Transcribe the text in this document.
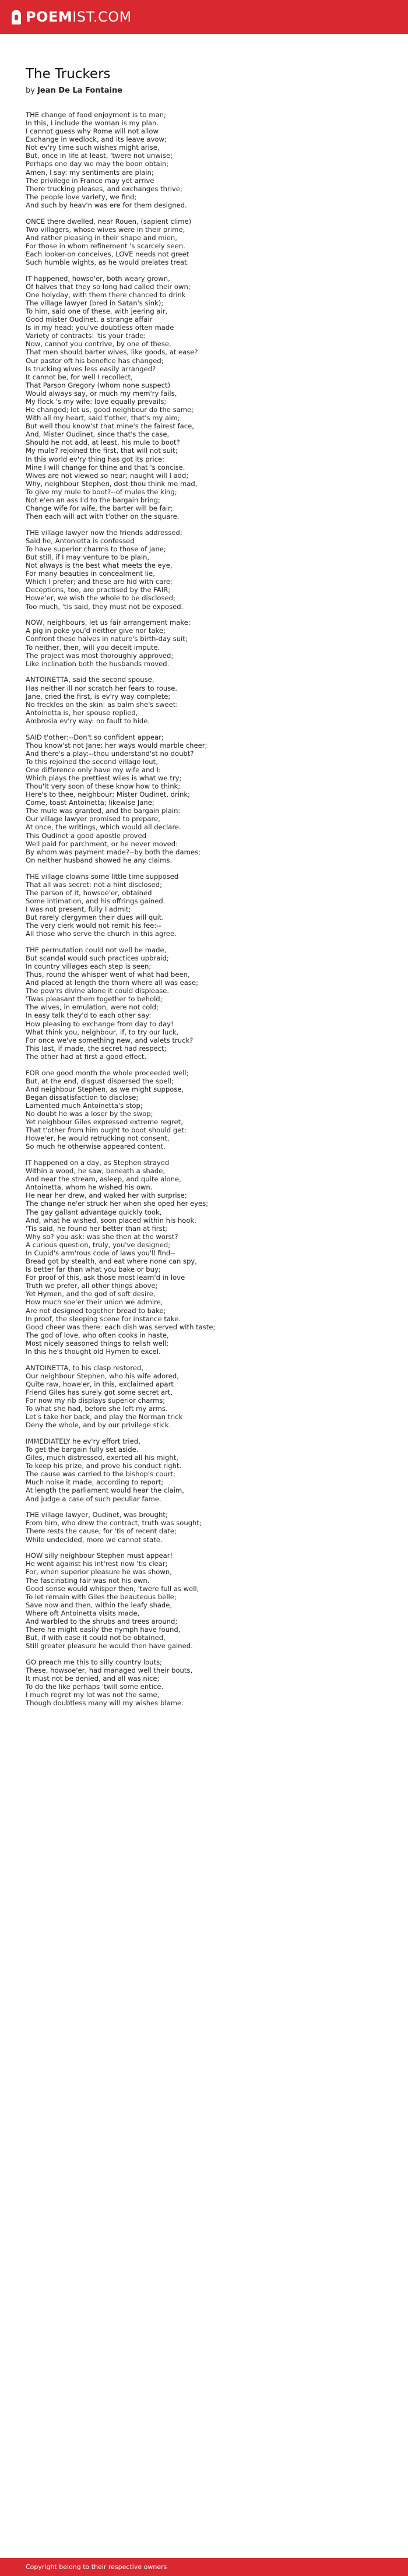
POEMIST.COM
The Truckers
by Jean De La Fontaine
THE change of food enjoyment is to man;
In this, I include the woman is my plan.
I cannot guess why Rome will not allow
Exchange in wedlock, and its leave avow;
Not ev'ry time such wishes might arise,
But, once in life at least, 'twere not unwise;
Perhaps one day we may the boon obtain;
Amen, I say: my sentiments are plain;
The privilege in France may yet arrive
There trucking pleases, and exchanges thrive;
The people love variety, we find;
And such by heav'n was ere for them designed.
ONCE there dwelled, near Rouen, (sapient clime)
Two villagers, whose wives were in their prime,
And rather pleasing in their shape and mien,
For those in whom refinement 's scarcely seen.
Each looker-on conceives, LOVE needs not greet
Such humble wights, as he would prelates treat.
IT happened, howso'er, both weary grown,
Of halves that they so long had called their own;
One holyday, with them there chanced to drink
The village lawyer (bred in Satan's sink);
To him, said one of these, with jeering air,
Good mister Oudinet, a strange affair
Is in my head: you've doubtless often made
Variety of contracts: 'tis your trade:
Now, cannot you contrive, by one of these,
That men should barter wives, like goods, at ease?
Our pastor oft his benefice has changed;
Is trucking wives less easily arranged?
It cannot be, for well I recollect,
That Parson Gregory (whom none suspect)
Would always say, or much my mem'ry fails,
My flock 's my wife: love equally prevails;
He changed; let us, good neighbour do the same;
With all my heart, said t'other, that's my aim;
But well thou know'st that mine's the fairest face,
And, Mister Oudinet, since that's the case,
Should he not add, at least, his mule to boot?
My mule? rejoined the first, that will not suit;
In this world ev'ry thing has got its price:
Mine I will change for thine and that 's concise.
Wives are not viewed so near; naught will I add;
Why, neighbour Stephen, dost thou think me mad,
To give my mule to boot?--of mules the king;
Not e'en an ass I'd to the bargain bring;
Change wife for wife, the barter will be fair;
Then each will act with t'other on the square.
THE village lawyer now the friends addressed:
Said he, Antonietta is confessed
To have superior charms to those of Jane;
But still, if I may venture to be plain,
Not always is the best what meets the eye,
For many beauties in concealment lie,
Which I prefer; and these are hid with care;
Deceptions, too, are practised by the FAIR;
Howe'er, we wish the whole to be disclosed;
Too much, 'tis said, they must not be exposed.
NOW, neighbours, let us fair arrangement make:
A pig in poke you'd neither give nor take;
Confront these halves in nature's birth-day suit;
To neither, then, will you deceit impute.
The project was most thoroughly approved;
Like inclination both the husbands moved.
ANTOINETTA, said the second spouse,
Has neither ill nor scratch her fears to rouse.
Jane, cried the first, is ev'ry way complete;
No freckles on the skin: as balm she's sweet:
Antoinetta is, her spouse replied,
Ambrosia ev'ry way: no fault to hide.
SAID t'other:--Don't so confident appear;
Thou know'st not Jane: her ways would marble cheer;
And there's a play:--thou understand'st no doubt?
To this rejoined the second village lout,
One difference only have my wife and I:
Which plays the prettiest wiles is what we try;
Thou'lt very soon of these know how to think;
Here's to thee, neighbour; Mister Oudinet, drink;
Come, toast Antoinetta; likewise Jane;
The mule was granted, and the bargain plain:
Our village lawyer promised to prepare,
At once, the writings, which would all declare.
This Oudinet a good apostle proved
Well paid for parchment, or he never moved:
By whom was payment made?--by both the dames;
On neither husband showed he any claims.
THE village clowns some little time supposed
That all was secret: not a hint disclosed;
The parson of it, howsoe'er, obtained
Some intimation, and his offrings gained.
I was not present, fully I admit;
But rarely clergymen their dues will quit.
The very clerk would not remit his fee:--
All those who serve the church in this agree.
THE permutation could not well be made,
But scandal would such practices upbraid;
In country villages each step is seen;
Thus, round the whisper went of what had been,
And placed at length the thorn where all was ease;
The pow'rs divine alone it could displease.
'Twas pleasant them together to behold;
The wives, in emulation, were not cold;
In easy talk they'd to each other say:
How pleasing to exchange from day to day!
What think you, neighbour, if, to try our luck,
For once we've something new, and valets truck?
This last, if made, the secret had respect;
The other had at first a good effect.
FOR one good month the whole proceeded well;
But, at the end, disgust dispersed the spell;
And neighbour Stephen, as we might suppose,
Began dissatisfaction to disclose;
Lamented much Antoinetta's stop;
No doubt he was a loser by the swop;
Yet neighbour Giles expressed extreme regret,
That t'other from him ought to boot should get:
Howe'er, he would retrucking not consent,
So much he otherwise appeared content.
IT happened on a day, as Stephen strayed
Within a wood, he saw, beneath a shade,
And near the stream, asleep, and quite alone,
Antoinetta, whom he wished his own.
He near her drew, and waked her with surprise;
The change ne'er struck her when she oped her eyes;
The gay gallant advantage quickly took,
And, what he wished, soon placed within his hook.
'Tis said, he found her better than at first;
Why so? you ask: was she then at the worst?
A curious question, truly, you've designed;
In Cupid's arm'rous code of laws you'll find--
Bread got by stealth, and eat where none can spy,
Is better far than what you bake or buy;
For proof of this, ask those most learn'd in love
Truth we prefer, all other things above;
Yet Hymen, and the god of soft desire,
How much soe'er their union we admire,
Are not designed together bread to bake;
In proof, the sleeping scene for instance take.
Good cheer was there: each dish was served with taste;
The god of love, who often cooks in haste,
Most nicely seasoned things to relish well;
In this he's thought old Hymen to excel.
ANTOINETTA, to his clasp restored,
Our neighbour Stephen, who his wife adored,
Quite raw, howe'er, in this, exclaimed apart
Friend Giles has surely got some secret art,
For now my rib displays superior charms;
To what she had, before she left my arms.
Let's take her back, and play the Norman trick
Deny the whole, and by our privilege stick.
IMMEDIATELY he ev'ry effort tried,
To get the bargain fully set aside.
Giles, much distressed, exerted all his might,
To keep his prize, and prove his conduct right.
The cause was carried to the bishop's court;
Much noise it made, according to report;
At length the parliament would hear the claim,
And judge a case of such peculiar fame.
THE village lawyer, Oudinet, was brought;
From him, who drew the contract, truth was sought;
There rests the cause, for 'tis of recent date;
While undecided, more we cannot state.
HOW silly neighbour Stephen must appear!
He went against his int'rest now 'tis clear;
For, when superior pleasure he was shown,
The fascinating fair was not his own.
Good sense would whisper then, 'twere full as well,
To let remain with Giles the beauteous belle;
Save now and then, within the leafy shade,
Where oft Antoinetta visits made,
And warbled to the shrubs and trees around;
There he might easily the nymph have found,
But, if with ease it could not be obtained,
Still greater pleasure he would then have gained.
GO preach me this to silly country louts;
These, howsoe'er, had managed well their bouts,
It must not be denied, and all was nice;
To do the like perhaps 'twill some entice.
I much regret my lot was not the same,
Though doubtless many will my wishes blame.
Copyright belong to their respective owners
